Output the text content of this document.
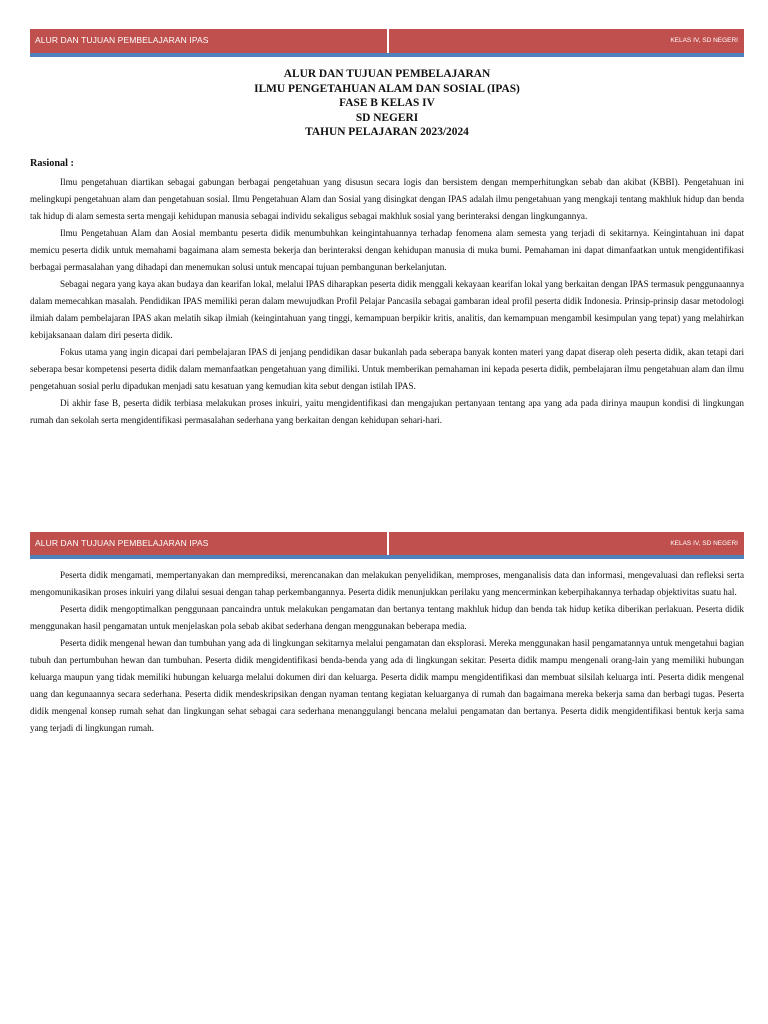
ALUR DAN TUJUAN PEMBELAJARAN IPAS	KELAS IV, SD NEGERI
ALUR DAN TUJUAN PEMBELAJARAN
ILMU PENGETAHUAN ALAM DAN SOSIAL (IPAS)
FASE B KELAS IV
SD NEGERI
TAHUN PELAJARAN 2023/2024
Rasional :

Ilmu pengetahuan diartikan sebagai gabungan berbagai pengetahuan yang disusun secara logis dan bersistem dengan memperhitungkan sebab dan akibat (KBBI). Pengetahuan ini melingkupi pengetahuan alam dan pengetahuan sosial. Ilmu Pengetahuan Alam dan Sosial yang disingkat dengan IPAS adalah ilmu pengetahuan yang mengkaji tentang makhluk hidup dan benda tak hidup di alam semesta serta mengaji kehidupan manusia sebagai individu sekaligus sebagai makhluk sosial yang berinteraksi dengan lingkungannya.

Ilmu Pengetahuan Alam dan Aosial membantu peserta didik menumbuhkan keingintahuannya terhadap fenomena alam semesta yang terjadi di sekitarnya. Keingintahuan ini dapat memicu peserta didik untuk memahami bagaimana alam semesta bekerja dan berinteraksi dengan kehidupan manusia di muka bumi. Pemahaman ini dapat dimanfaatkan untuk mengidentifikasi berbagai permasalahan yang dihadapi dan menemukan solusi untuk mencapai tujuan pembangunan berkelanjutan.

Sebagai negara yang kaya akan budaya dan kearifan lokal, melalui IPAS diharapkan peserta didik menggali kekayaan kearifan lokal yang berkaitan dengan IPAS termasuk penggunaannya dalam memecahkan masalah. Pendidikan IPAS memiliki peran dalam mewujudkan Profil Pelajar Pancasila sebagai gambaran ideal profil peserta didik Indonesia. Prinsip-prinsip dasar metodologi ilmiah dalam pembelajaran IPAS akan melatih sikap ilmiah (keingintahuan yang tinggi, kemampuan berpikir kritis, analitis, dan kemampuan mengambil kesimpulan yang tepat) yang melahirkan kebijaksanaan dalam diri peserta didik.

Fokus utama yang ingin dicapai dari pembelajaran IPAS di jenjang pendidikan dasar bukanlah pada seberapa banyak konten materi yang dapat diserap oleh peserta didik, akan tetapi dari seberapa besar kompetensi peserta didik dalam memanfaatkan pengetahuan yang dimiliki. Untuk memberikan pemahaman ini kepada peserta didik, pembelajaran ilmu pengetahuan alam dan ilmu pengetahuan sosial perlu dipadukan menjadi satu kesatuan yang kemudian kita sebut dengan istilah IPAS.

Di akhir fase B, peserta didik terbiasa melakukan proses inkuiri, yaitu mengidentifikasi dan mengajukan pertanyaan tentang apa yang ada pada dirinya maupun kondisi di lingkungan rumah dan sekolah serta mengidentifikasi permasalahan sederhana yang berkaitan dengan kehidupan sehari-hari.

ALUR DAN TUJUAN PEMBELAJARAN IPAS	KELAS IV, SD NEGERI

Peserta didik mengamati, mempertanyakan dan memprediksi, merencanakan dan melakukan penyelidikan, memproses, menganalisis data dan informasi, mengevaluasi dan refleksi serta mengomunikasikan proses inkuiri yang dilalui sesuai dengan tahap perkembangannya. Peserta didik menunjukkan perilaku yang mencerminkan keberpihakannya terhadap objektivitas suatu hal.

Peserta didik mengoptimalkan penggunaan pancaindra untuk melakukan pengamatan dan bertanya tentang makhluk hidup dan benda tak hidup ketika diberikan perlakuan. Peserta didik menggunakan hasil pengamatan untuk menjelaskan pola sebab akibat sederhana dengan menggunakan beberapa media.

Peserta didik mengenal hewan dan tumbuhan yang ada di lingkungan sekitarnya melalui pengamatan dan eksplorasi. Mereka menggunakan hasil pengamatannya untuk mengetahui bagian tubuh dan pertumbuhan hewan dan tumbuhan. Peserta didik mengidentifikasi benda-benda yang ada di lingkungan sekitar. Peserta didik mampu mengenali orang-lain yang memiliki hubungan keluarga maupun yang tidak memiliki hubungan keluarga melalui dokumen diri dan keluarga. Peserta didik mampu mengidentifikasi dan membuat silsilah keluarga inti. Peserta didik mengenal uang dan kegunaannya secara sederhana. Peserta didik mendeskripsikan dengan nyaman tentang kegiatan keluarganya di rumah dan bagaimana mereka bekerja sama dan berbagi tugas. Peserta didik mengenal konsep rumah sehat dan lingkungan sehat sebagai cara sederhana menanggulangi bencana melalui pengamatan dan bertanya. Peserta didik mengidentifikasi bentuk kerja sama yang terjadi di lingkungan rumah.
